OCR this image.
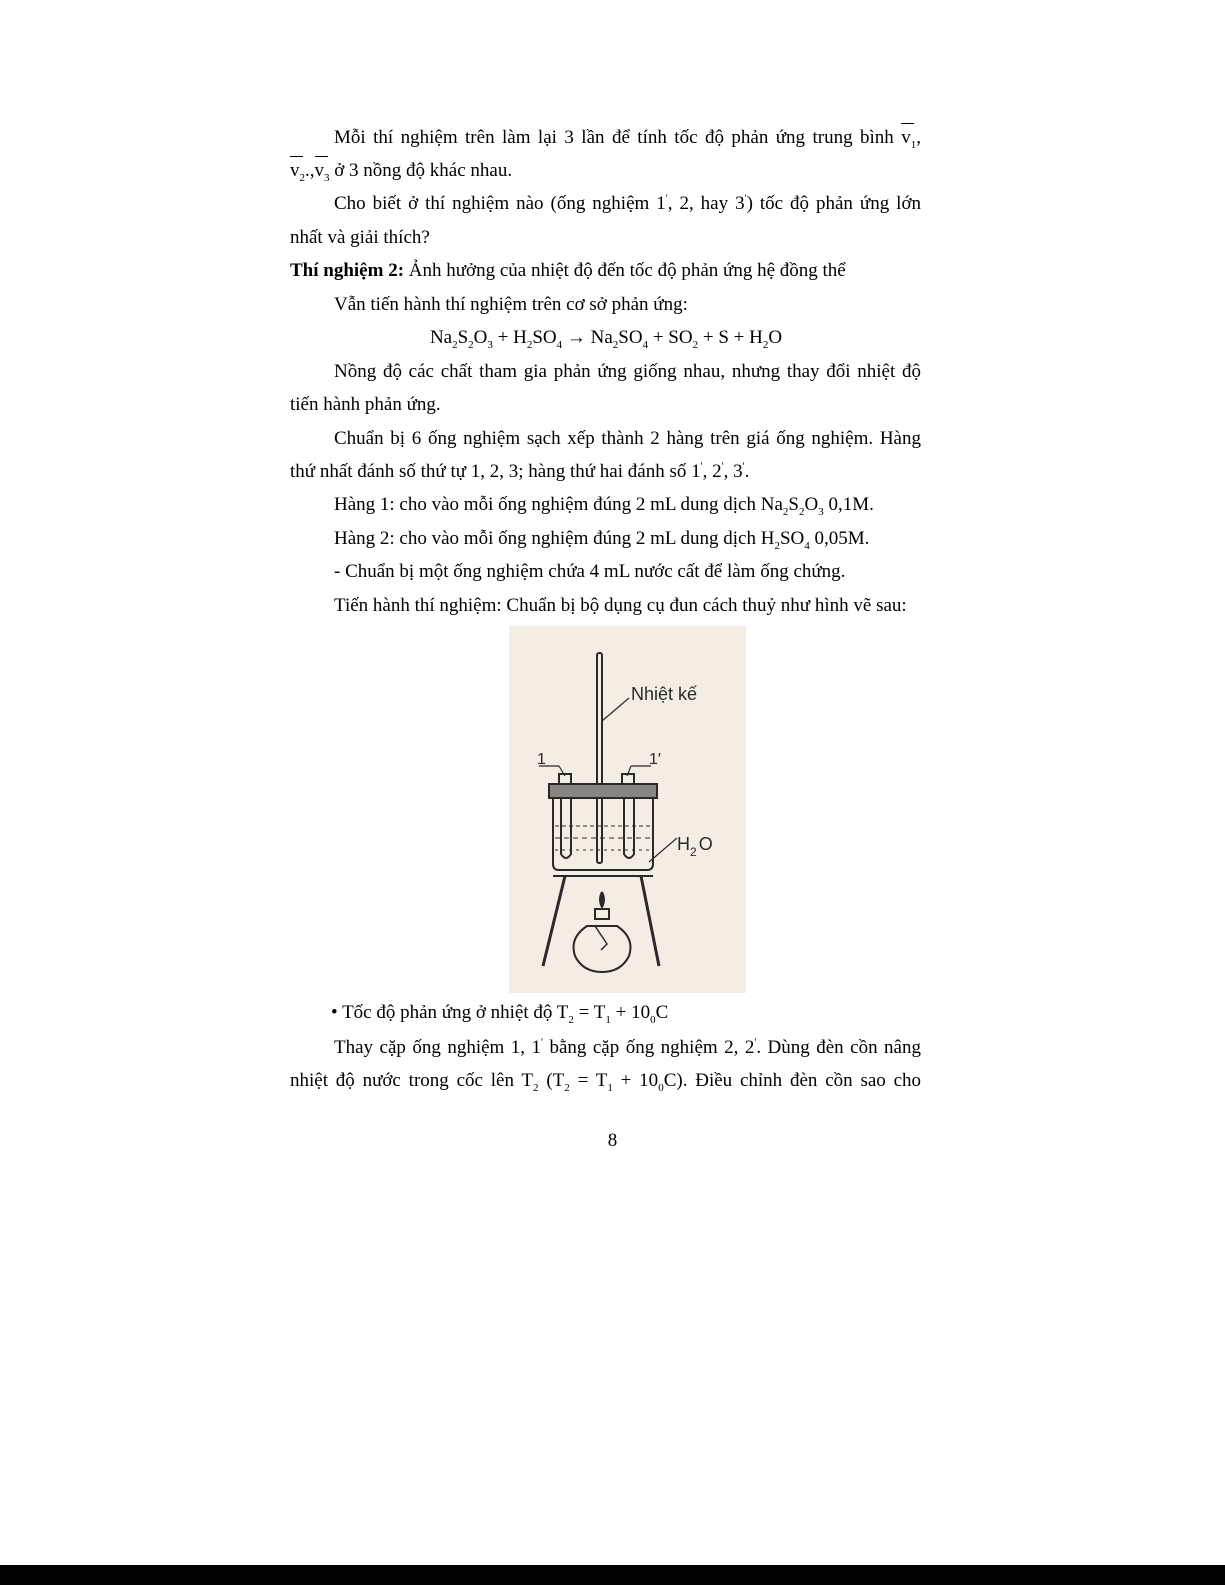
Mỗi thí nghiệm trên làm lại 3 lần để tính tốc độ phản ứng trung bình $v_1$,
$v_2.,v_3$ ở 3 nồng độ khác nhau.
Cho biết ở thí nghiệm nào (ống nghiệm 1', 2, hay 3') tốc độ phản ứng lớn
nhất và giải thích?
Thí nghiệm 2: Ảnh hưởng của nhiệt độ đến tốc độ phản ứng hệ đồng thể
Vẫn tiến hành thí nghiệm trên cơ sở phản ứng:
$Na_2S_2O_3 + H_2SO_4 \to Na_2SO_4 + SO_2 + S + H_2O$
Nồng độ các chất tham gia phản ứng giống nhau, nhưng thay đổi nhiệt độ
tiến hành phản ứng.
Chuẩn bị 6 ống nghiệm sạch xếp thành 2 hàng trên giá ống nghiệm. Hàng
thứ nhất đánh số thứ tự 1, 2, 3; hàng thứ hai đánh số 1', 2', 3'.
Hàng 1: cho vào mỗi ống nghiệm đúng 2 mL dung dịch $Na_2S_2O_3$ 0,1M.
Hàng 2: cho vào mỗi ống nghiệm đúng 2 mL dung dịch $H_2SO_4$ 0,05M.
- Chuẩn bị một ống nghiệm chứa 4 mL nước cất để làm ống chứng.
Tiến hành thí nghiệm: Chuẩn bị bộ dụng cụ đun cách thuỷ như hình vẽ sau:
Nhiệt kế
1	1′
$H_2$ O
• Tốc độ phản ứng ở nhiệt độ $T_2 = T_1 + 10_0C$
Thay cặp ống nghiệm 1, 1' bằng cặp ống nghiệm 2, 2'. Dùng đèn cồn nâng
nhiệt độ nước trong cốc lên $T_2$ $(T_2 = T_1 + 10_0C)$. Điều chỉnh đèn cồn sao cho
8
